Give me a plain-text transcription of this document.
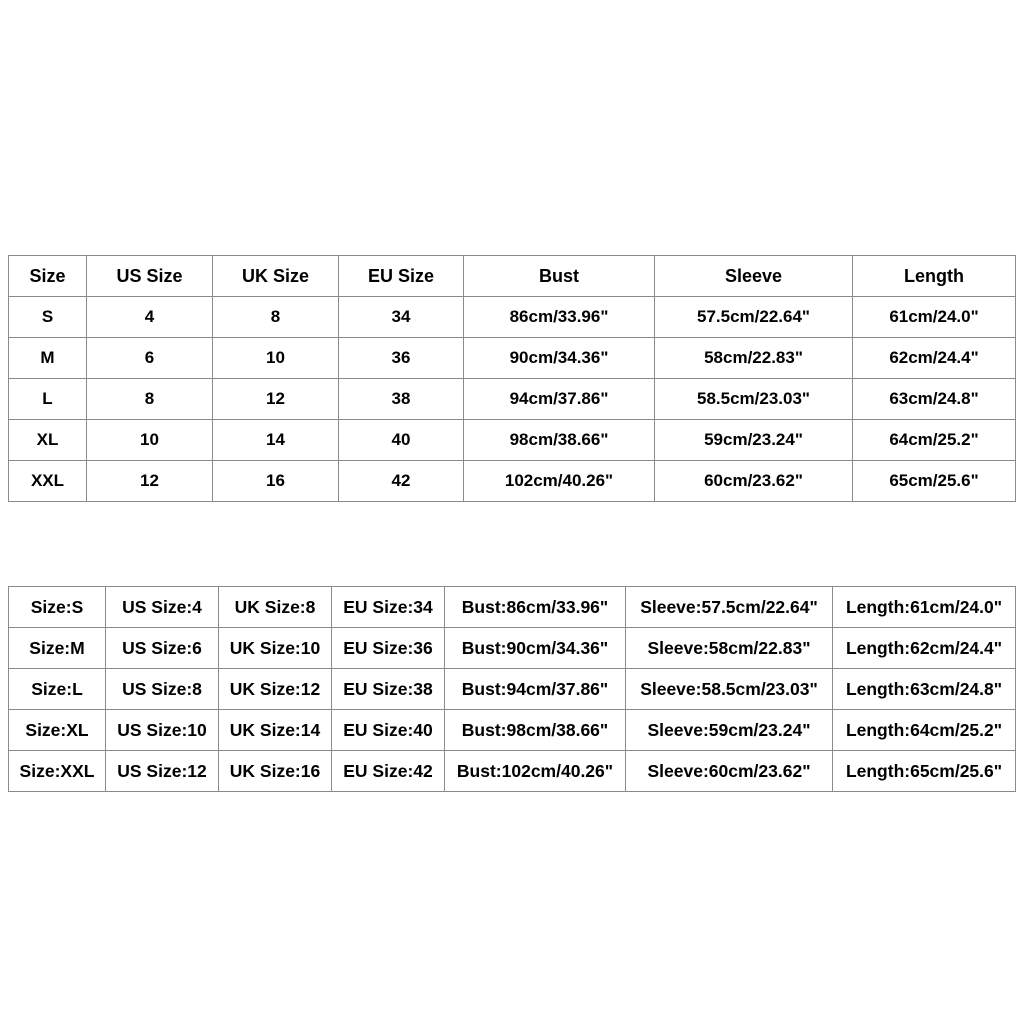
Size	US Size	UK Size	EU Size	Bust	Sleeve	Length
S	4	8	34	86cm/33.96"	57.5cm/22.64"	61cm/24.0"
M	6	10	36	90cm/34.36"	58cm/22.83"	62cm/24.4"
L	8	12	38	94cm/37.86"	58.5cm/23.03"	63cm/24.8"
XL	10	14	40	98cm/38.66"	59cm/23.24"	64cm/25.2"
XXL	12	16	42	102cm/40.26"	60cm/23.62"	65cm/25.6"
Size:S	US Size:4	UK Size:8	EU Size:34	Bust:86cm/33.96"	Sleeve:57.5cm/22.64"	Length:61cm/24.0"
Size:M	US Size:6	UK Size:10	EU Size:36	Bust:90cm/34.36"	Sleeve:58cm/22.83"	Length:62cm/24.4"
Size:L	US Size:8	UK Size:12	EU Size:38	Bust:94cm/37.86"	Sleeve:58.5cm/23.03"	Length:63cm/24.8"
Size:XL	US Size:10	UK Size:14	EU Size:40	Bust:98cm/38.66"	Sleeve:59cm/23.24"	Length:64cm/25.2"
Size:XXL	US Size:12	UK Size:16	EU Size:42	Bust:102cm/40.26"	Sleeve:60cm/23.62"	Length:65cm/25.6"
